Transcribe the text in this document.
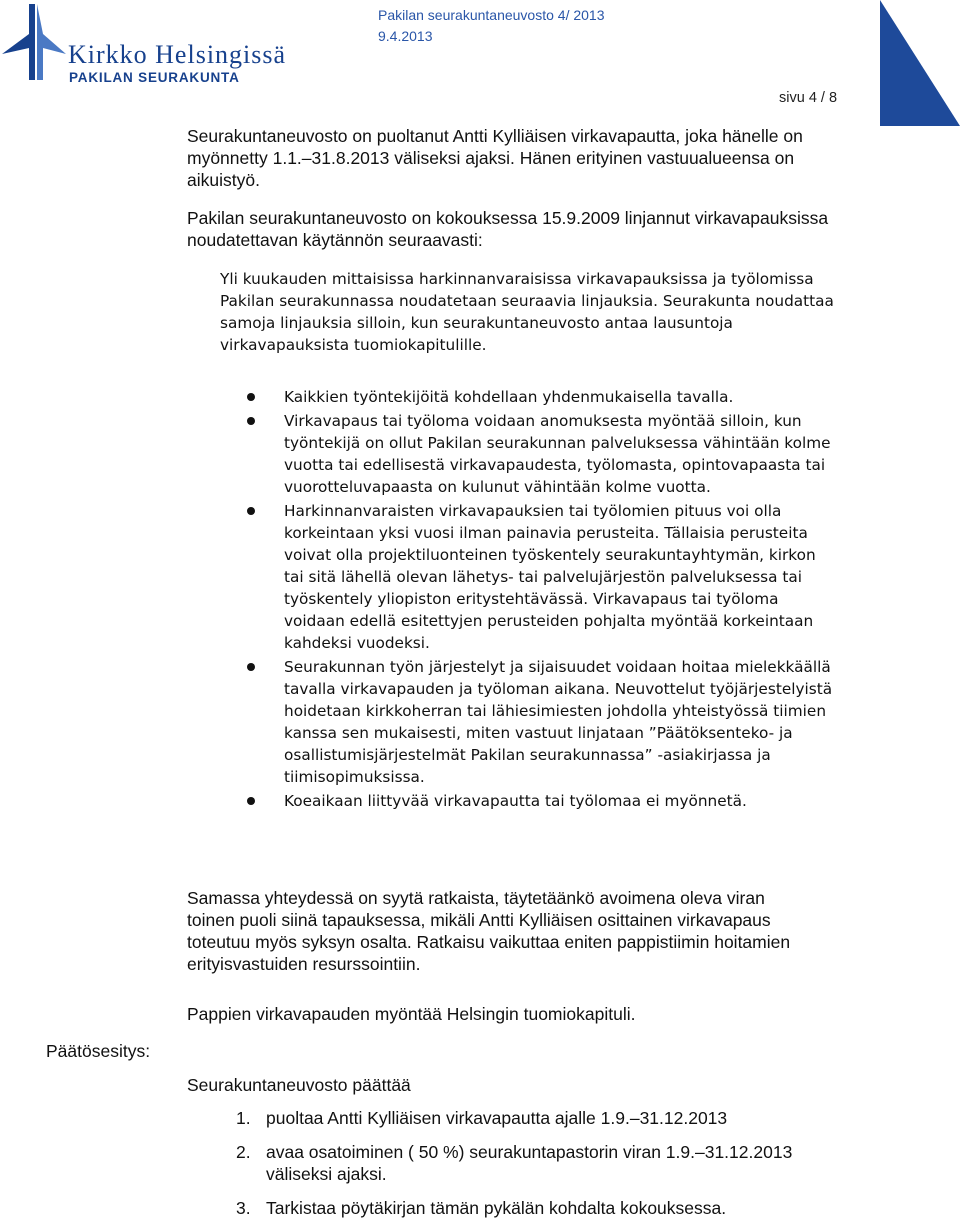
Kirkko Helsingissä
PAKILAN SEURAKUNTA
Pakilan seurakuntaneuvosto 4/ 2013
9.4.2013
sivu 4 / 8
Seurakuntaneuvosto on puoltanut Antti Kylliäisen virkavapautta, joka hänelle on myönnetty 1.1.–31.8.2013 väliseksi ajaksi. Hänen erityinen vastuualueensa on aikuistyö.
Pakilan seurakuntaneuvosto on kokouksessa 15.9.2009 linjannut virkavapauksissa noudatettavan käytännön seuraavasti:
Yli kuukauden mittaisissa harkinnanvaraisissa virkavapauksissa ja työlomissa Pakilan seurakunnassa noudatetaan seuraavia linjauksia. Seurakunta noudattaa samoja linjauksia silloin, kun seurakuntaneuvosto antaa lausuntoja virkavapauksista tuomiokapitulille.
Kaikkien työntekijöitä kohdellaan yhdenmukaisella tavalla.
Virkavapaus tai työloma voidaan anomuksesta myöntää silloin, kun työntekijä on ollut Pakilan seurakunnan palveluksessa vähintään kolme vuotta tai edellisestä virkavapaudesta, työlomasta, opintovapaasta tai vuorotteluvapaasta on kulunut vähintään kolme vuotta.
Harkinnanvaraisten virkavapauksien tai työlomien pituus voi olla korkeintaan yksi vuosi ilman painavia perusteita. Tällaisia perusteita voivat olla projektiluonteinen työskentely seurakuntayhtymän, kirkon tai sitä lähellä olevan lähetys- tai palvelujärjestön palveluksessa tai työskentely yliopiston eritystehtävässä. Virkavapaus tai työloma voidaan edellä esitettyjen perusteiden pohjalta myöntää korkeintaan kahdeksi vuodeksi.
Seurakunnan työn järjestelyt ja sijaisuudet voidaan hoitaa mielekkäällä tavalla virkavapauden ja työloman aikana. Neuvottelut työjärjestelyistä hoidetaan kirkkoherran tai lähiesimiesten johdolla yhteistyössä tiimien kanssa sen mukaisesti, miten vastuut linjataan ”Päätöksenteko- ja osallistumisjärjestelmät Pakilan seurakunnassa” -asiakirjassa ja tiimisopimuksissa.
Koeaikaan liittyvää virkavapautta tai työlomaa ei myönnetä.
Samassa yhteydessä on syytä ratkaista, täytetäänkö avoimena oleva viran toinen puoli siinä tapauksessa, mikäli Antti Kylliäisen osittainen virkavapaus toteutuu myös syksyn osalta. Ratkaisu vaikuttaa eniten pappistiimin hoitamien erityisvastuiden resurssointiin.
Pappien virkavapauden myöntää Helsingin tuomiokapituli.
Päätösesitys:
Seurakuntaneuvosto päättää
1. puoltaa Antti Kylliäisen virkavapautta ajalle 1.9.–31.12.2013
2. avaa osatoiminen ( 50 %) seurakuntapastorin viran 1.9.–31.12.2013 väliseksi ajaksi.
3. Tarkistaa pöytäkirjan tämän pykälän kohdalta kokouksessa.
